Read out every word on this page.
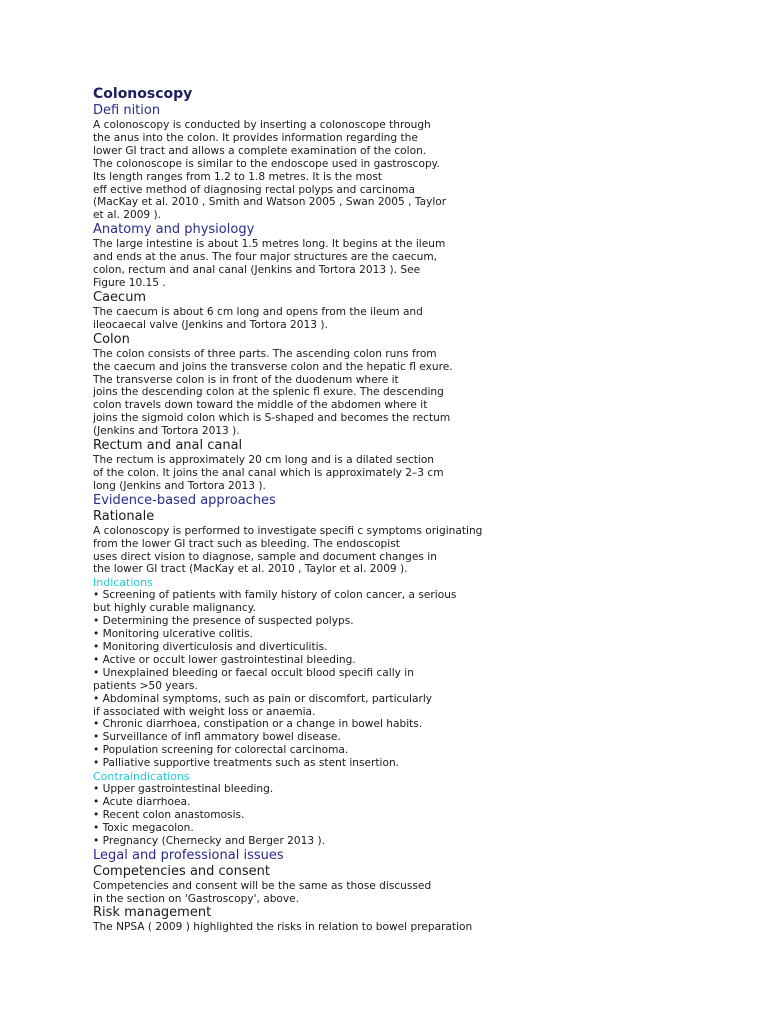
Colonoscopy
Defi nition
A colonoscopy is conducted by inserting a colonoscope through
the anus into the colon. It provides information regarding the
lower GI tract and allows a complete examination of the colon.
The colonoscope is similar to the endoscope used in gastroscopy.
Its length ranges from 1.2 to 1.8 metres. It is the most
eff ective method of diagnosing rectal polyps and carcinoma
(MacKay et al. 2010 , Smith and Watson 2005 , Swan 2005 , Taylor
et al. 2009 ).
Anatomy and physiology
The large intestine is about 1.5 metres long. It begins at the ileum
and ends at the anus. The four major structures are the caecum,
colon, rectum and anal canal (Jenkins and Tortora 2013 ). See
Figure 10.15 .
Caecum
The caecum is about 6 cm long and opens from the ileum and
ileocaecal valve (Jenkins and Tortora 2013 ).
Colon
The colon consists of three parts. The ascending colon runs from
the caecum and joins the transverse colon and the hepatic fl exure.
The transverse colon is in front of the duodenum where it
joins the descending colon at the splenic fl exure. The descending
colon travels down toward the middle of the abdomen where it
joins the sigmoid colon which is S-shaped and becomes the rectum
(Jenkins and Tortora 2013 ).
Rectum and anal canal
The rectum is approximately 20 cm long and is a dilated section
of the colon. It joins the anal canal which is approximately 2–3 cm
long (Jenkins and Tortora 2013 ).
Evidence-based approaches
Rationale
A colonoscopy is performed to investigate specifi c symptoms originating
from the lower GI tract such as bleeding. The endoscopist
uses direct vision to diagnose, sample and document changes in
the lower GI tract (MacKay et al. 2010 , Taylor et al. 2009 ).
Indications
• Screening of patients with family history of colon cancer, a serious
but highly curable malignancy.
• Determining the presence of suspected polyps.
• Monitoring ulcerative colitis.
• Monitoring diverticulosis and diverticulitis.
• Active or occult lower gastrointestinal bleeding.
• Unexplained bleeding or faecal occult blood specifi cally in
patients >50 years.
• Abdominal symptoms, such as pain or discomfort, particularly
if associated with weight loss or anaemia.
• Chronic diarrhoea, constipation or a change in bowel habits.
• Surveillance of infl ammatory bowel disease.
• Population screening for colorectal carcinoma.
• Palliative supportive treatments such as stent insertion.
Contraindications
• Upper gastrointestinal bleeding.
• Acute diarrhoea.
• Recent colon anastomosis.
• Toxic megacolon.
• Pregnancy (Chernecky and Berger 2013 ).
Legal and professional issues
Competencies and consent
Competencies and consent will be the same as those discussed
in the section on 'Gastroscopy', above.
Risk management
The NPSA ( 2009 ) highlighted the risks in relation to bowel preparation
